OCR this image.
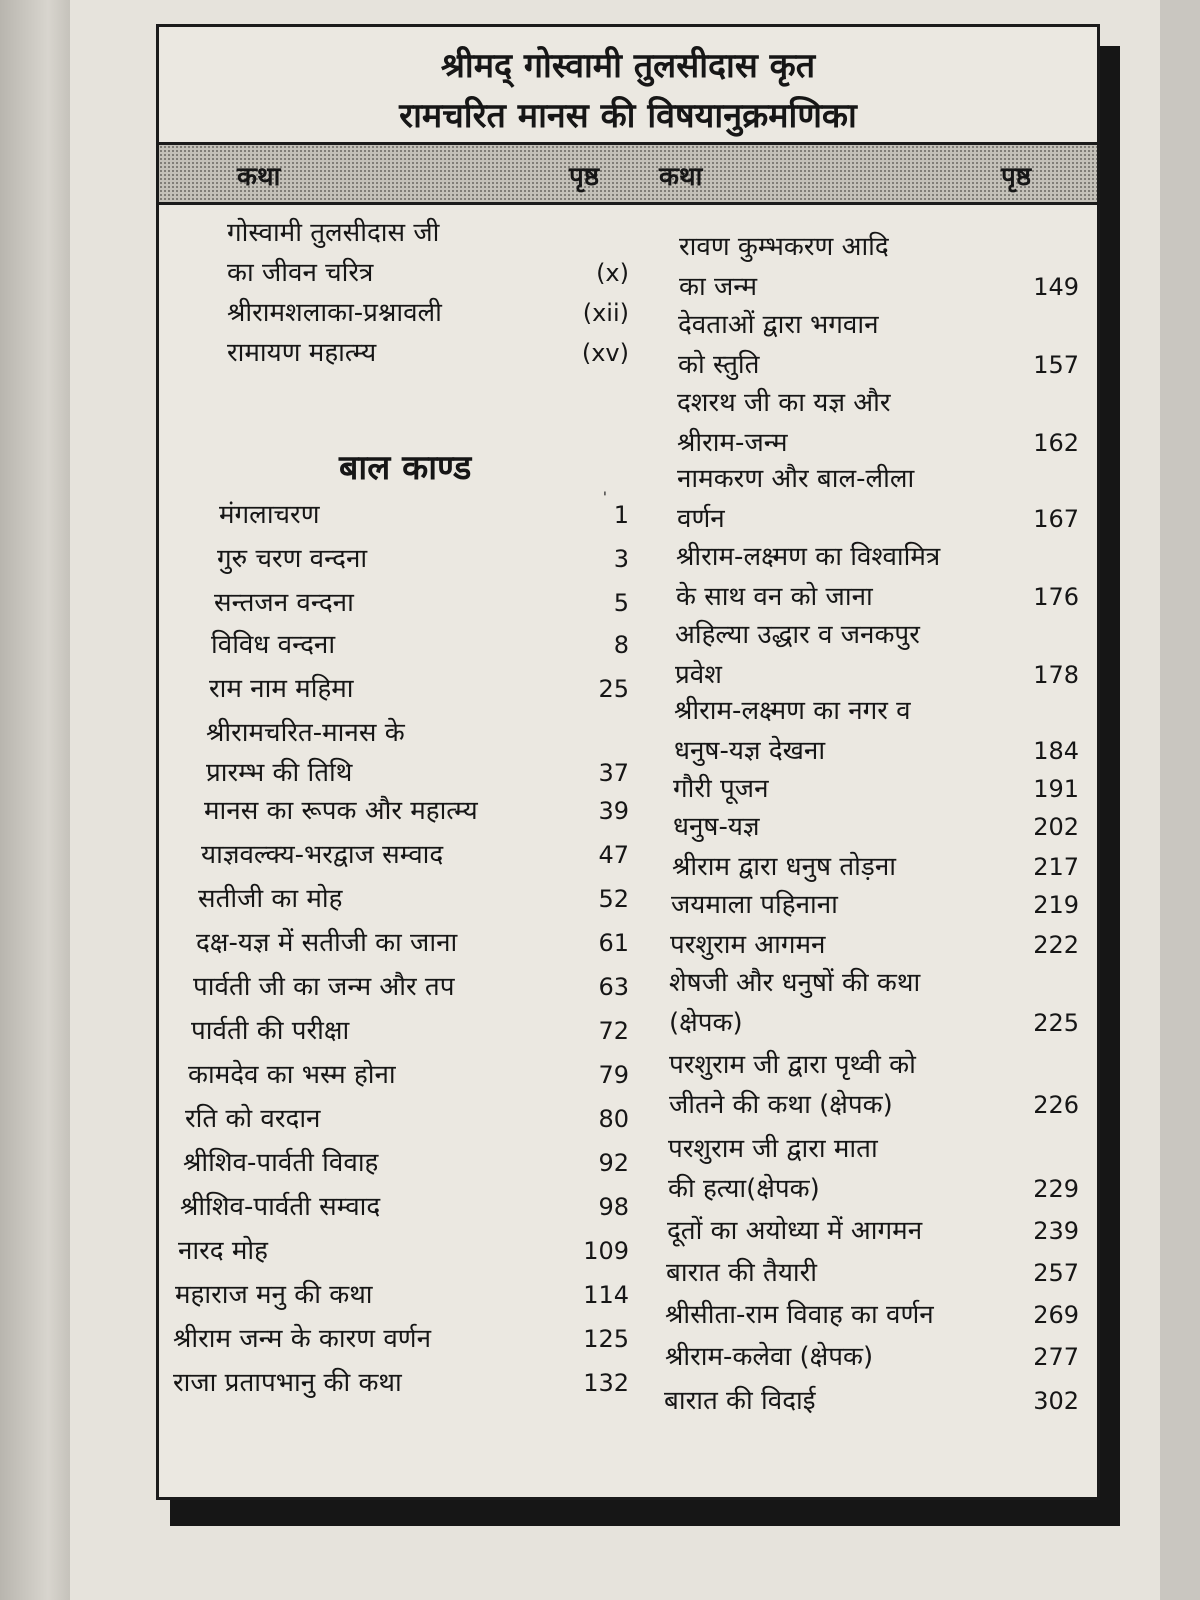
श्रीमद् गोस्वामी तुलसीदास कृत
रामचरित मानस की विषयानुक्रमणिका
कथा	पृष्ठ कथा	पृष्ठ
गोस्वामी तुलसीदास जी
का जीवन चरित्र	(x)
श्रीरामशलाका-प्रश्नावली	(xii)
रामायण महात्म्य	(xv)
मंगलाचरण	1
गुरु चरण वन्दना	3
सन्तजन वन्दना	5
विविध वन्दना	8
राम नाम महिमा	25
श्रीरामचरित-मानस के
प्रारम्भ की तिथि	37
मानस का रूपक और महात्म्य	39
याज्ञवल्क्य-भरद्वाज सम्वाद	47
सतीजी का मोह	52
दक्ष-यज्ञ में सतीजी का जाना	61
पार्वती जी का जन्म और तप	63
पार्वती की परीक्षा	72
कामदेव का भस्म होना	79
रति को वरदान	80
श्रीशिव-पार्वती विवाह	92
श्रीशिव-पार्वती सम्वाद	98
नारद मोह	109
महाराज मनु की कथा	114
श्रीराम जन्म के कारण वर्णन	125
राजा प्रतापभानु की कथा	132
बाल काण्ड
'
रावण कुम्भकरण आदि
का जन्म	149
देवताओं द्वारा भगवान
को स्तुति	157
दशरथ जी का यज्ञ और
श्रीराम-जन्म	162
नामकरण और बाल-लीला
वर्णन	167
श्रीराम-लक्ष्मण का विश्वामित्र
के साथ वन को जाना	176
अहिल्या उद्धार व जनकपुर
प्रवेश	178
श्रीराम-लक्ष्मण का नगर व
धनुष-यज्ञ देखना	184
गौरी पूजन	191
धनुष-यज्ञ	202
श्रीराम द्वारा धनुष तोड़ना	217
जयमाला पहिनाना	219
परशुराम आगमन	222
शेषजी और धनुषों की कथा
(क्षेपक)	225
परशुराम जी द्वारा पृथ्वी को
जीतने की कथा (क्षेपक)	226
परशुराम जी द्वारा माता
की हत्या(क्षेपक)	229
दूतों का अयोध्या में आगमन	239
बारात की तैयारी	257
श्रीसीता-राम विवाह का वर्णन	269
श्रीराम-कलेवा (क्षेपक)	277
बारात की विदाई	302
